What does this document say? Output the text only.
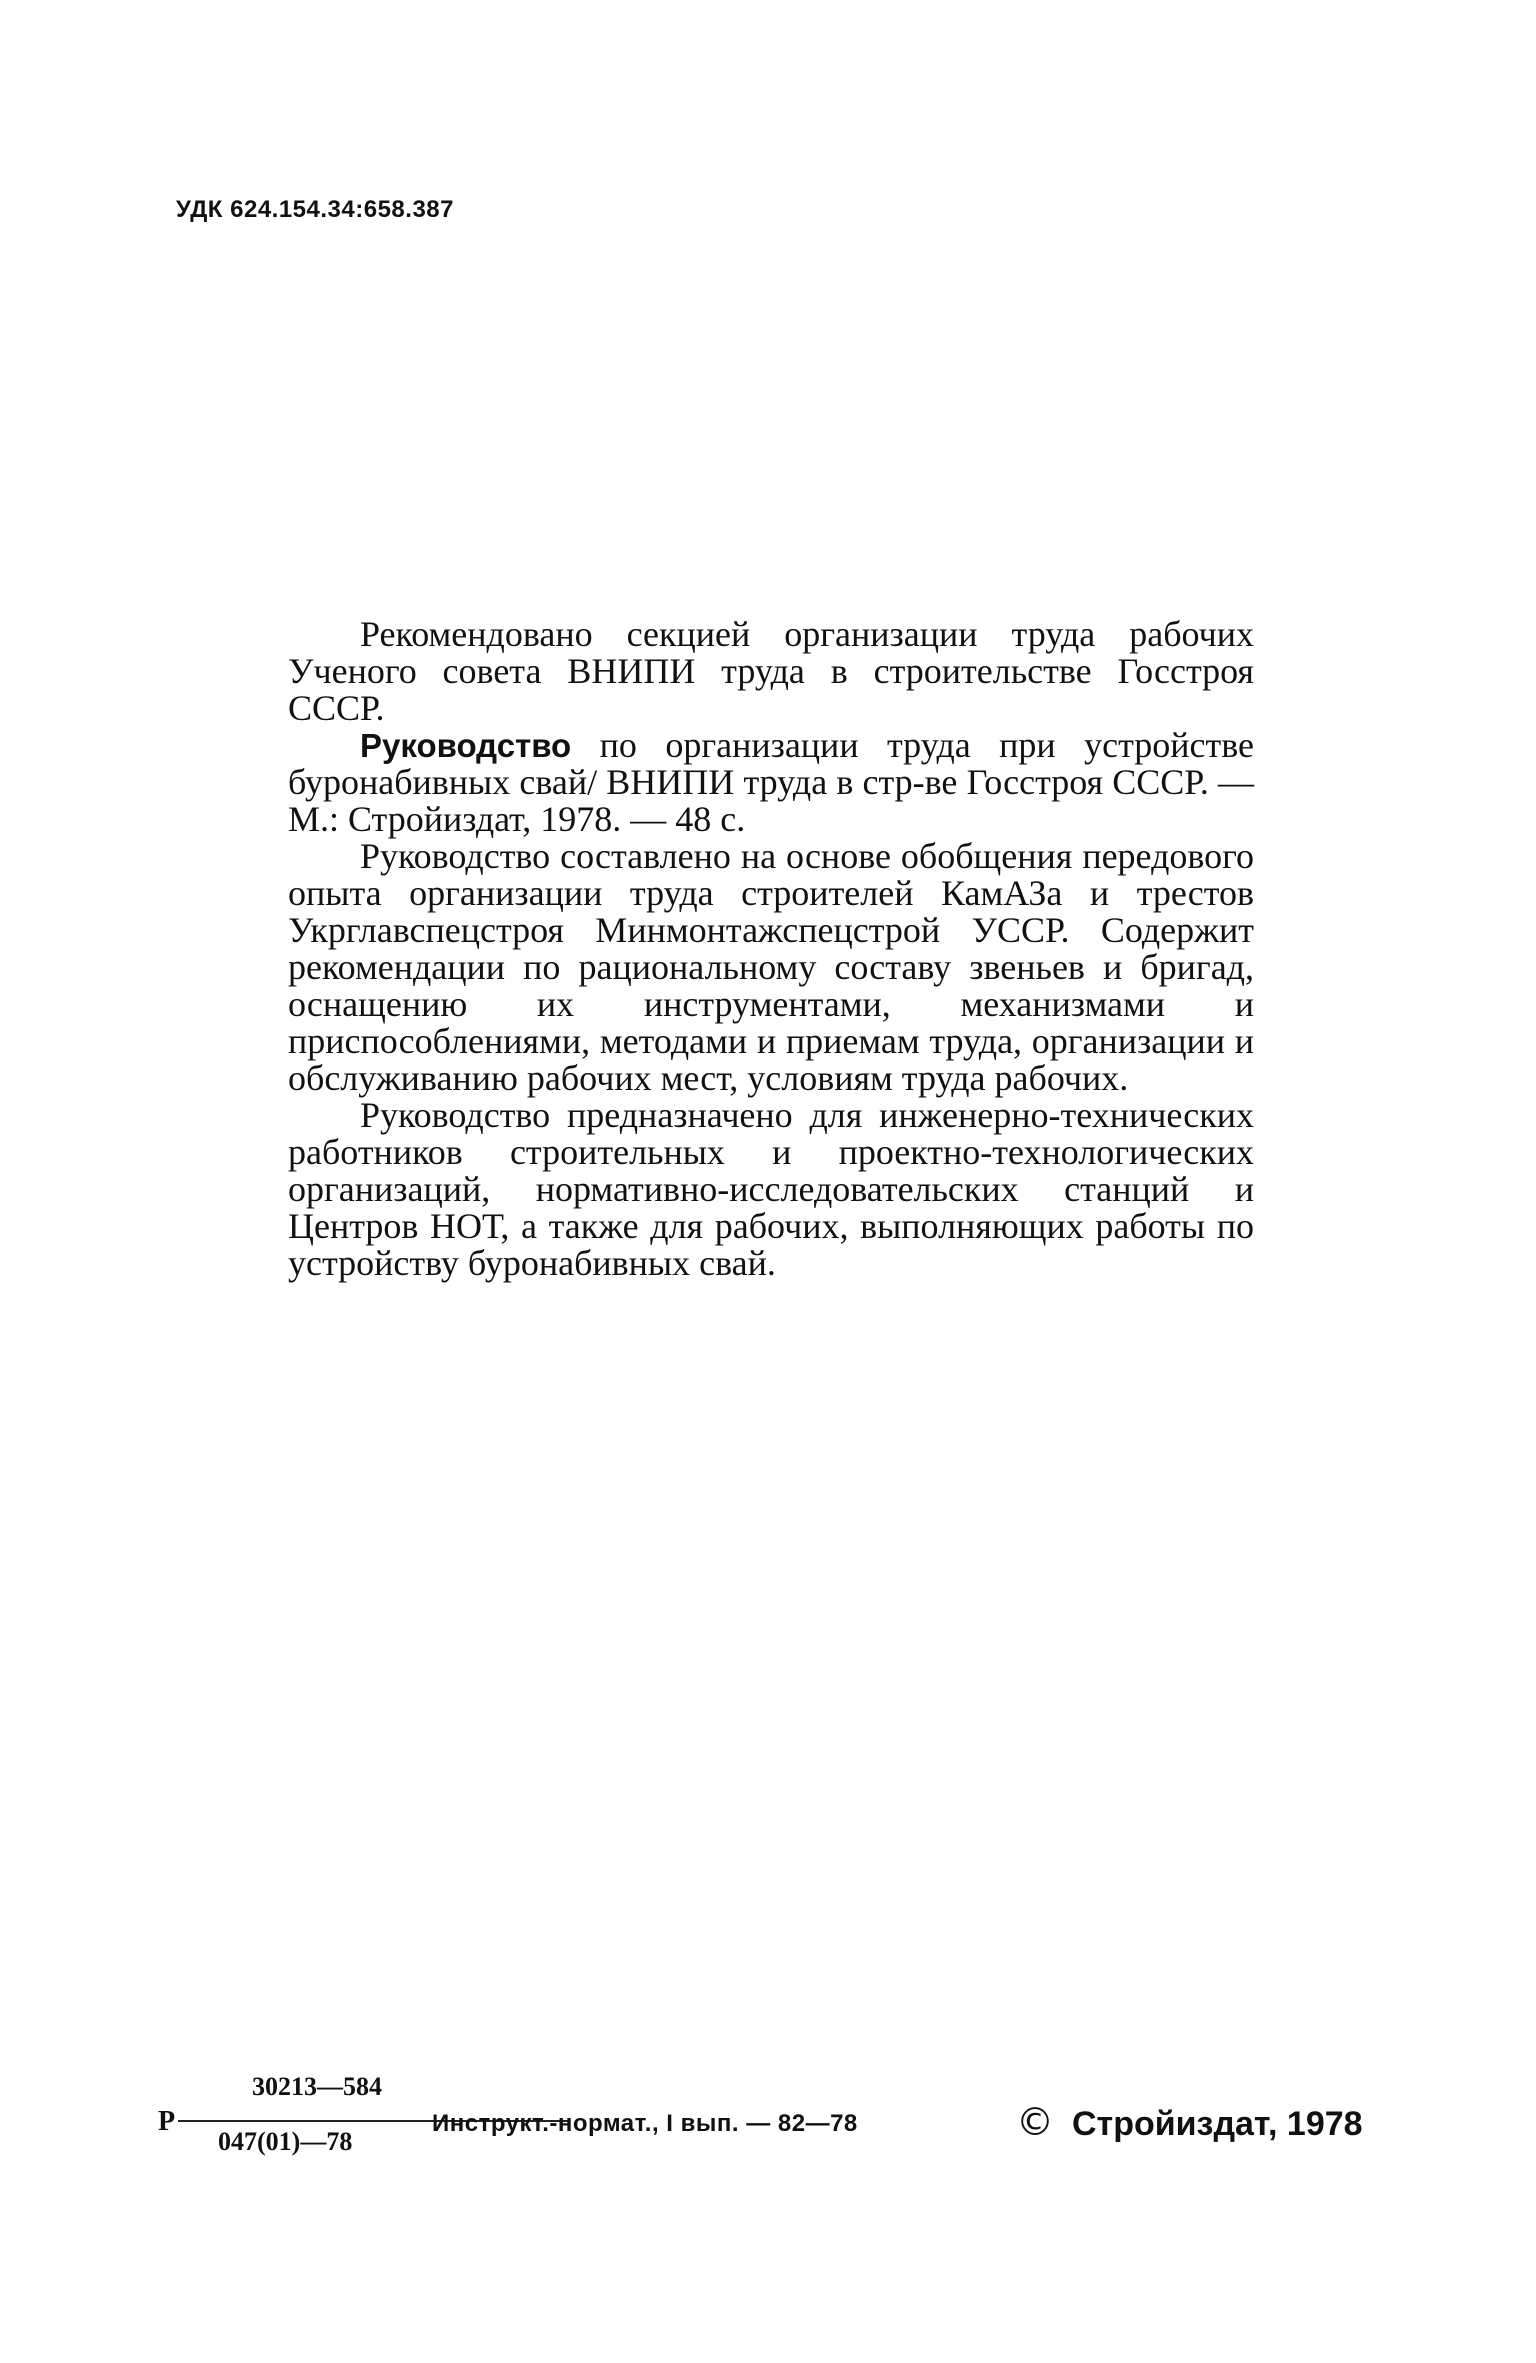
УДК 624.154.34:658.387

Рекомендовано секцией организации труда рабочих Ученого совета ВНИПИ труда в строительстве Госстроя СССР.

Руководство по организации труда при устройстве буронабивных свай/ ВНИПИ труда в стр-ве Госстроя СССР. — М.: Стройиздат, 1978. — 48 с.

Руководство составлено на основе обобщения передового опыта организации труда строителей КамАЗа и трестов Укрглавспецстроя Минмонтажспецстрой УССР. Содержит рекомендации по рациональному составу звеньев и бригад, оснащению их инструментами, механизмами и приспособлениями, методами и приемам труда, организации и обслуживанию рабочих мест, условиям труда рабочих.

Руководство предназначено для инженерно-технических работников строительных и проектно-технологических организаций, нормативно-исследовательских станций и Центров НОТ, а также для рабочих, выполняющих работы по устройству буронабивных свай.

Р
30213—584
047(01)—78
Инструкт.-нормат., I вып. — 82—78	© Стройиздат, 1978
